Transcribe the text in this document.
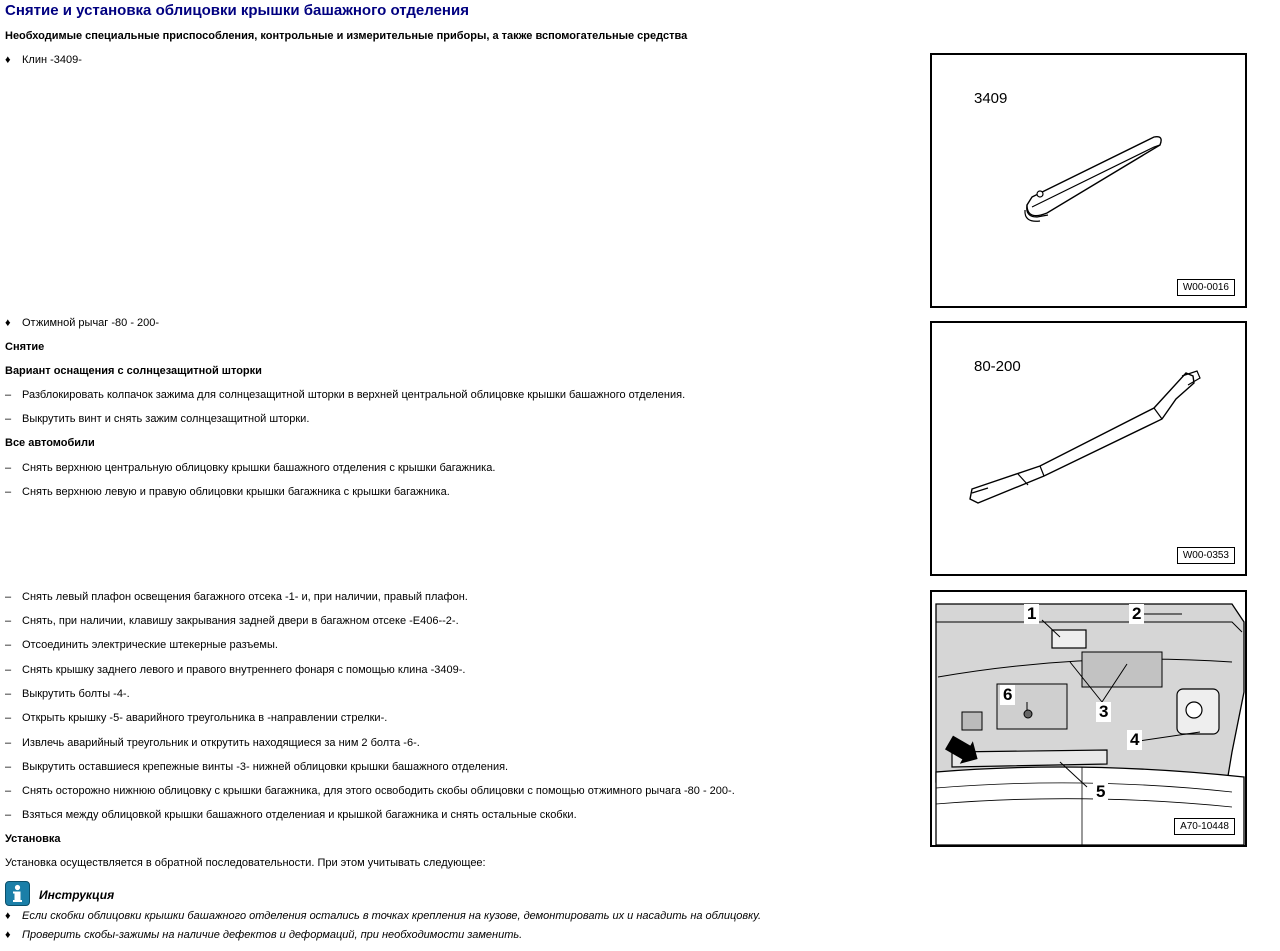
Снятие и установка облицовки крышки башажного отделения
Необходимые специальные приспособления, контрольные и измерительные приборы, а также вспомогательные средства
♦ Клин -3409-
♦ Отжимной рычаг -80 - 200-
Снятие
Вариант оснащения с солнцезащитной шторки
– Разблокировать колпачок зажима для солнцезащитной шторки в верхней центральной облицовке крышки башажного отделения.
– Выкрутить винт и снять зажим солнцезащитной шторки.
Все автомобили
– Снять верхнюю центральную облицовку крышки башажного отделения с крышки багажника.
– Снять верхнюю левую и правую облицовки крышки багажника с крышки багажника.
– Снять левый плафон освещения багажного отсека -1- и, при наличии, правый плафон.
– Снять, при наличии, клавишу закрывания задней двери в багажном отсеке -E406--2-.
– Отсоединить электрические штекерные разъемы.
– Снять крышку заднего левого и правого внутреннего фонаря с помощью клина -3409-.
– Выкрутить болты -4-.
– Открыть крышку -5- аварийного треугольника в -направлении стрелки-.
– Извлечь аварийный треугольник и открутить находящиеся за ним 2 болта -6-.
– Выкрутить оставшиеся крепежные винты -3- нижней облицовки крышки башажного отделения.
– Снять осторожно нижнюю облицовку с крышки багажника, для этого освободить скобы облицовки с помощью отжимного рычага -80 - 200-.
– Взяться между облицовкой крышки башажного отделениая и крышкой багажника и снять остальные скобки.
Установка
Установка осуществляется в обратной последовательности. При этом учитывать следующее:
Инструкция
♦ Если скобки облицовки крышки башажного отделения остались в точках крепления на кузове, демонтировать их и насадить на облицовку.
♦ Проверить скобы-зажимы на наличие дефектов и деформаций, при необходимости заменить.
3409
W00-0016
80-200
W00-0353
1	2
3
4
5
6
A70-10448
